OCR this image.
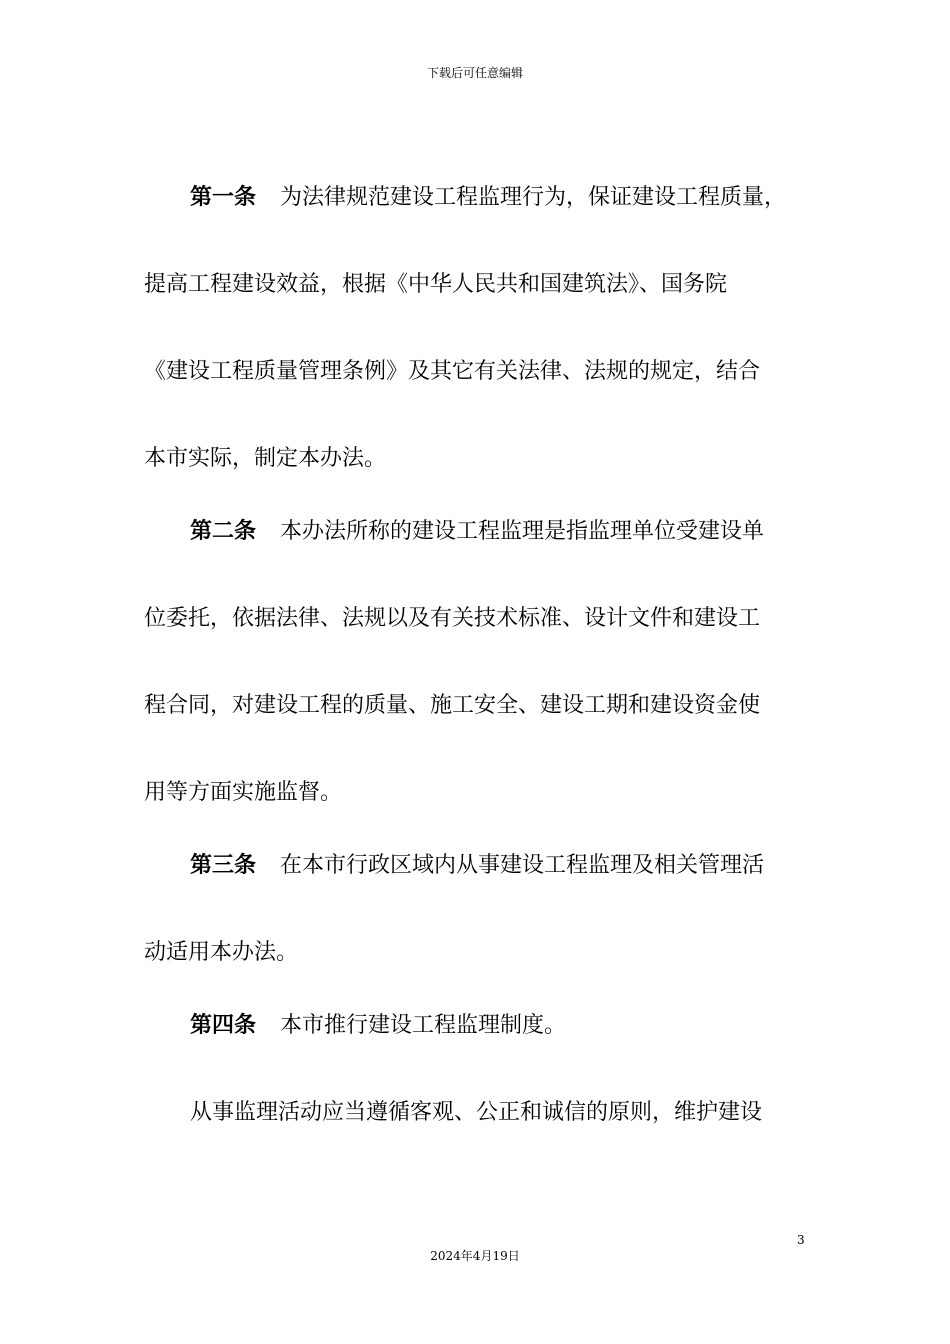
下载后可任意编辑
第一条 为法律规范建设工程监理行为，保证建设工程质量，
提高工程建设效益，根据《中华人民共和国建筑法》、国务院
《建设工程质量管理条例》及其它有关法律、法规的规定，结合
本市实际，制定本办法。
第二条 本办法所称的建设工程监理是指监理单位受建设单
位委托，依据法律、法规以及有关技术标准、设计文件和建设工
程合同，对建设工程的质量、施工安全、建设工期和建设资金使
用等方面实施监督。
第三条 在本市行政区域内从事建设工程监理及相关管理活
动适用本办法。
第四条 本市推行建设工程监理制度。
从事监理活动应当遵循客观、公正和诚信的原则，维护建设
3
2024年4月19日
